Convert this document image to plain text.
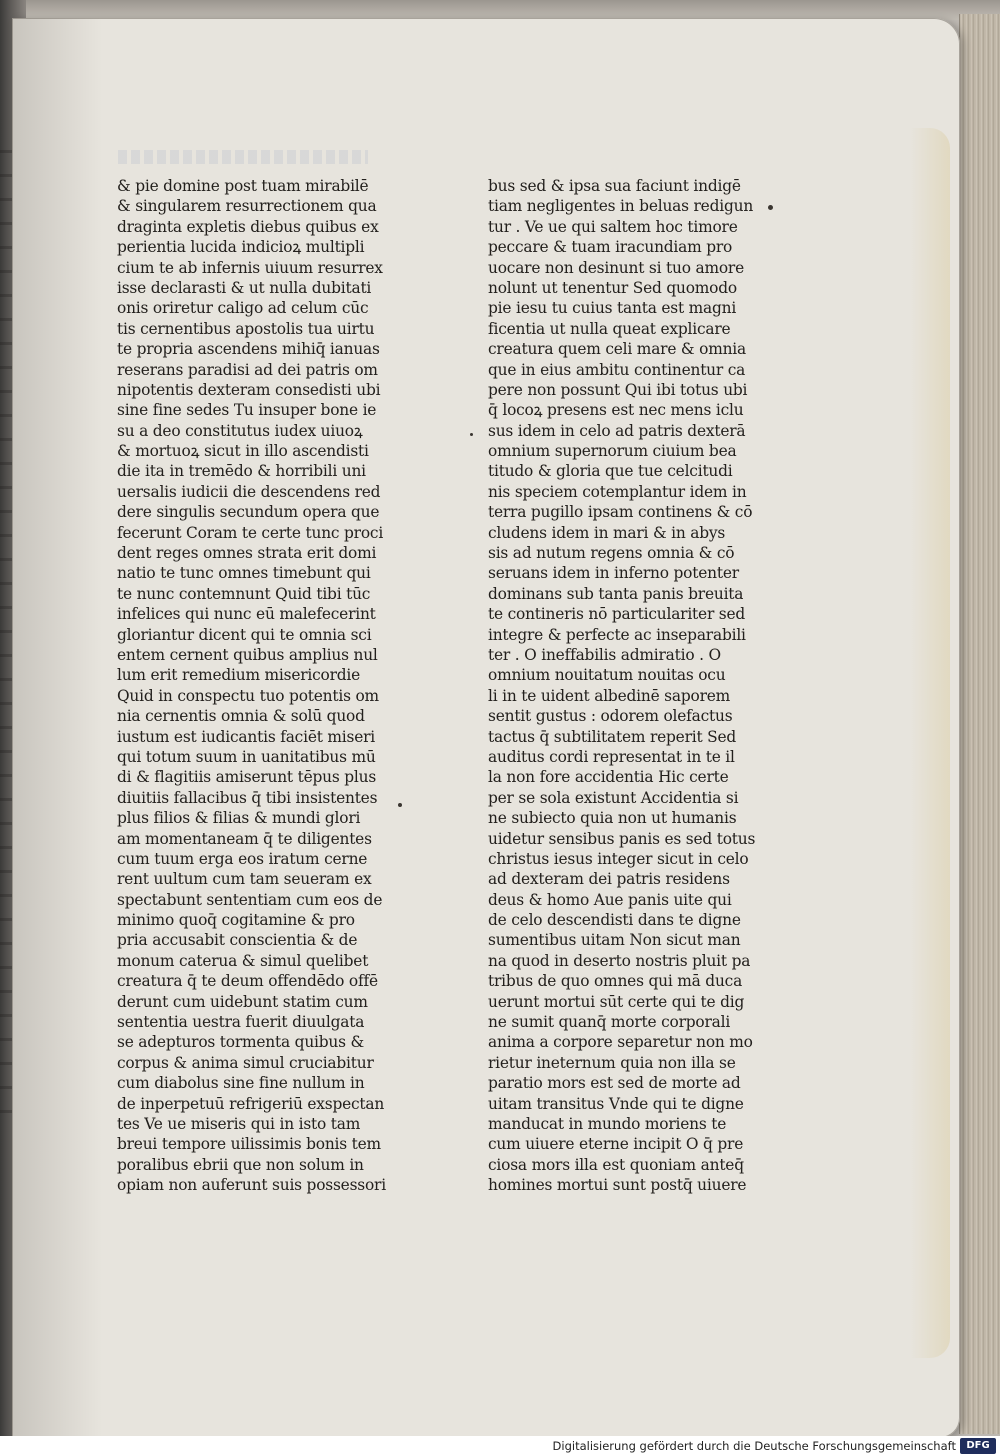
& pie domine post tuam mirabilē
& singularem resurrectionem qua
draginta expletis diebus quibus ex
perientia lucida indicioꝝ multipli
cium te ab infernis uiuum resurrex
isse declarasti & ut nulla dubitati
onis oriretur caligo ad celum cūc
tis cernentibus apostolis tua uirtu
te propria ascendens mihiq̄ ianuas
reserans paradisi ad dei patris om
nipotentis dexteram consedisti ubi
sine fine sedes Tu insuper bone ie
su a deo constitutus iudex uiuoꝝ
& mortuoꝝ sicut in illo ascendisti
die ita in tremēdo & horribili uni
uersalis iudicii die descendens red
dere singulis secundum opera que
fecerunt Coram te certe tunc proci
dent reges omnes strata erit domi
natio te tunc omnes timebunt qui
te nunc contemnunt Quid tibi tūc
infelices qui nunc eū malefecerint
gloriantur dicent qui te omnia sci
entem cernent quibus amplius nul
lum erit remedium misericordie
Quid in conspectu tuo potentis om
nia cernentis omnia & solū quod
iustum est iudicantis faciēt miseri
qui totum suum in uanitatibus mū
di & flagitiis amiserunt tēpus plus
diuitiis fallacibus q̄ tibi insistentes
plus filios & filias & mundi glori
am momentaneam q̄ te diligentes
cum tuum erga eos iratum cerne
rent uultum cum tam seueram ex
spectabunt sententiam cum eos de
minimo quoq̄ cogitamine & pro
pria accusabit conscientia & de
monum caterua & simul quelibet
creatura q̄ te deum offendēdo offē
derunt cum uidebunt statim cum
sententia uestra fuerit diuulgata
se adepturos tormenta quibus &
corpus & anima simul cruciabitur
cum diabolus sine fine nullum in
de inperpetuū refrigeriū exspectan
tes Ve ue miseris qui in isto tam
breui tempore uilissimis bonis tem
poralibus ebrii que non solum in
opiam non auferunt suis possessori
bus sed & ipsa sua faciunt indigē
tiam negligentes in beluas redigun
tur . Ve ue qui saltem hoc timore
peccare & tuam iracundiam pro
uocare non desinunt si tuo amore
nolunt ut tenentur Sed quomodo
pie iesu tu cuius tanta est magni
ficentia ut nulla queat explicare
creatura quem celi mare & omnia
que in eius ambitu continentur ca
pere non possunt Qui ibi totus ubi
q̄ locoꝝ presens est nec mens iclu
sus idem in celo ad patris dexterā
omnium supernorum ciuium bea
titudo & gloria que tue celcitudi
nis speciem cotemplantur idem in
terra pugillo ipsam continens & cō
cludens idem in mari & in abys
sis ad nutum regens omnia & cō
seruans idem in inferno potenter
dominans sub tanta panis breuita
te contineris nō particulariter sed
integre & perfecte ac inseparabili
ter . O ineffabilis admiratio . O
omnium nouitatum nouitas ocu
li in te uident albedinē saporem
sentit gustus : odorem olefactus
tactus q̄ subtilitatem reperit Sed
auditus cordi representat in te il
la non fore accidentia Hic certe
per se sola existunt Accidentia si
ne subiecto quia non ut humanis
uidetur sensibus panis es sed totus
christus iesus integer sicut in celo
ad dexteram dei patris residens
deus & homo Aue panis uite qui
de celo descendisti dans te digne
sumentibus uitam Non sicut man
na quod in deserto nostris pluit pa
tribus de quo omnes qui mā duca
uerunt mortui sūt certe qui te dig
ne sumit quanq̄ morte corporali
anima a corpore separetur non mo
rietur ineternum quia non illa se
paratio mors est sed de morte ad
uitam transitus Vnde qui te digne
manducat in mundo moriens te
cum uiuere eterne incipit O q̄ pre
ciosa mors illa est quoniam anteq̄
homines mortui sunt postq̄ uiuere
Digitalisierung gefördert durch die Deutsche Forschungsgemeinschaft	DFG
